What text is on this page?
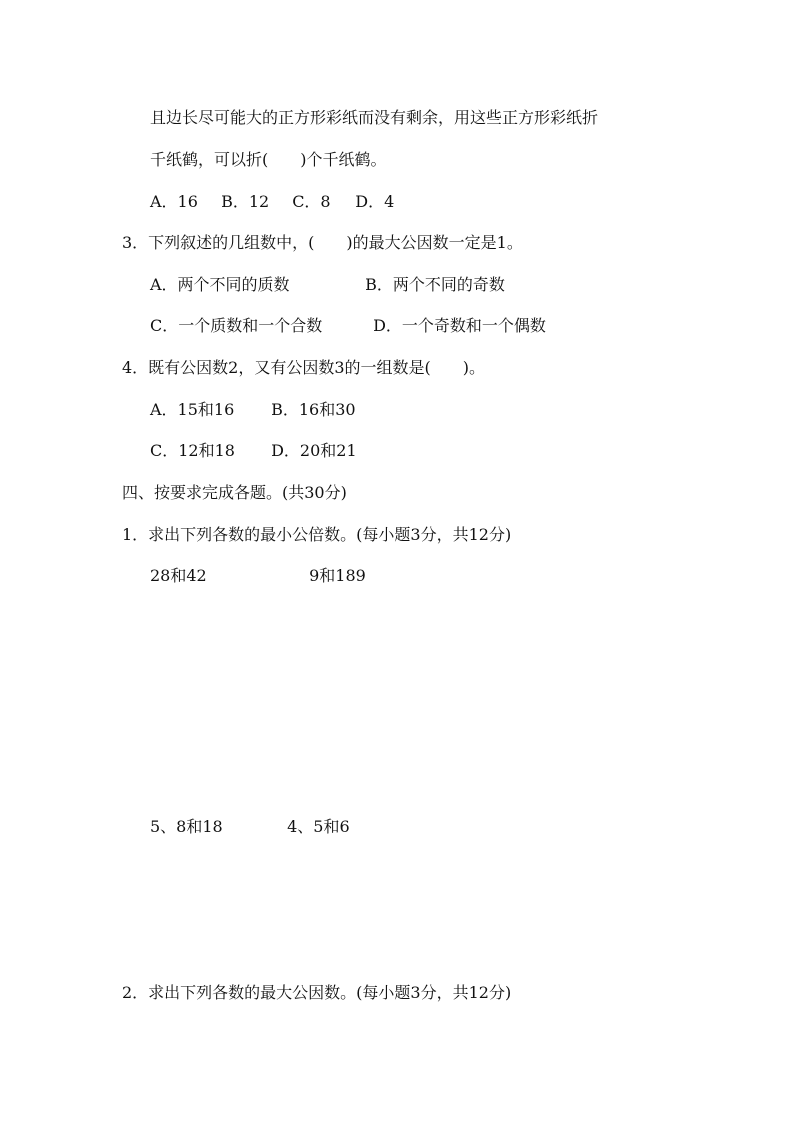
且边长尽可能大的正方形彩纸而没有剩余，用这些正方形彩纸折
千纸鹤，可以折(　　)个千纸鹤。
A．16 B．12 C．8 D．4
3．下列叙述的几组数中，(　　)的最大公因数一定是1。
A．两个不同的质数	B．两个不同的奇数
C．一个质数和一个合数	D．一个奇数和一个偶数
4．既有公因数2，又有公因数3的一组数是(　　)。
A．15和16 B．16和30
C．12和18 D．20和21
四、按要求完成各题。(共30分)
1．求出下列各数的最小公倍数。(每小题3分，共12分)
28和42	9和189
5、8和18	4、5和6
2．求出下列各数的最大公因数。(每小题3分，共12分)
